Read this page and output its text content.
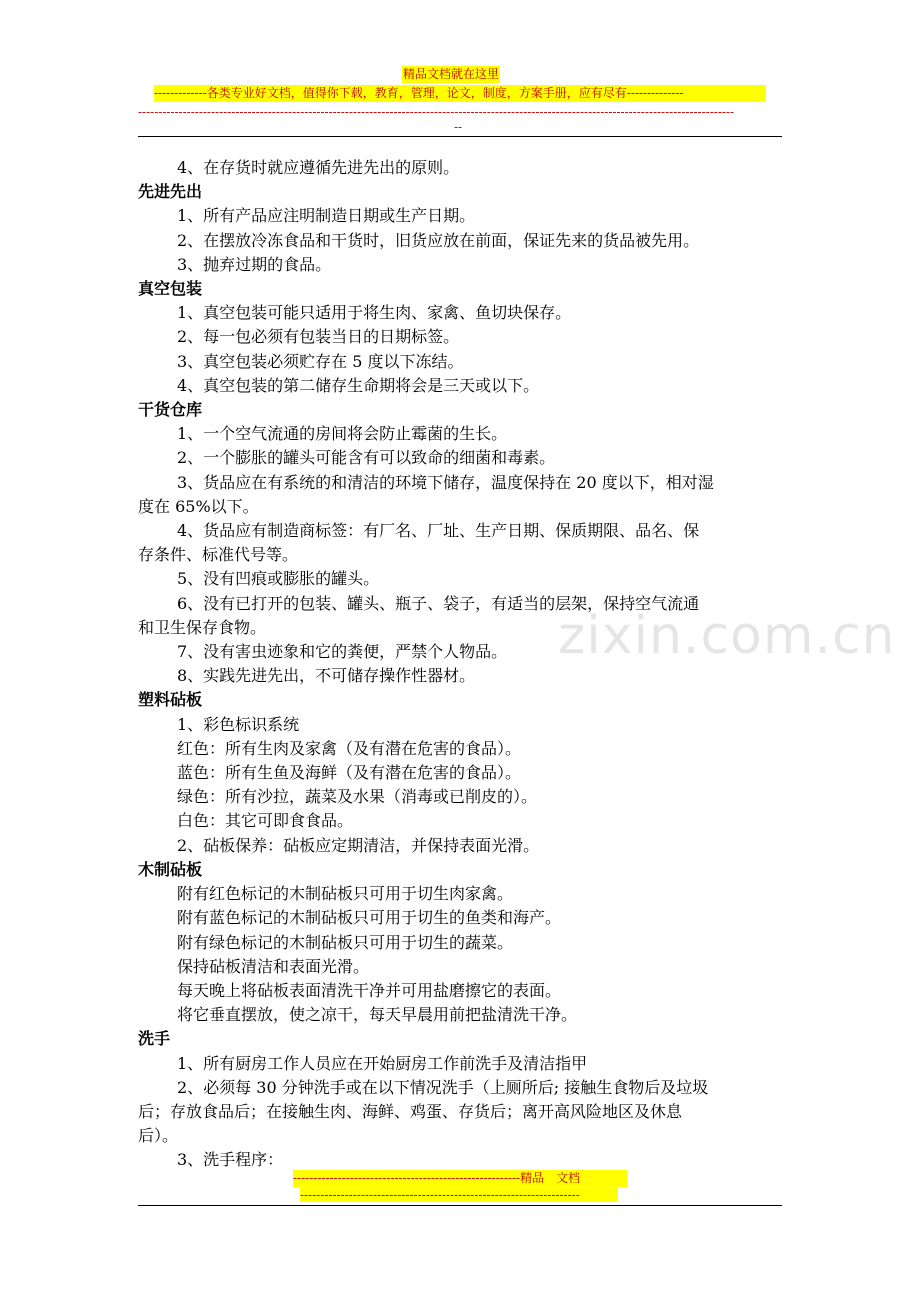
精品文档就在这里
-------------各类专业好文档，值得你下载，教育，管理，论文，制度，方案手册，应有尽有--------------
---------------------------------------------------------------------------------------------------------------------------------------------------
--

4、在存货时就应遵循先进先出的原则。

先进先出

1、所有产品应注明制造日期或生产日期。

2、在摆放冷冻食品和干货时，旧货应放在前面，保证先来的货品被先用。

3、抛弃过期的食品。

真空包装

1、真空包装可能只适用于将生肉、家禽、鱼切块保存。

2、每一包必须有包装当日的日期标签。

3、真空包装必须贮存在 5 度以下冻结。

4、真空包装的第二储存生命期将会是三天或以下。

干货仓库

1、一个空气流通的房间将会防止霉菌的生长。

2、一个膨胀的罐头可能含有可以致命的细菌和毒素。

3、货品应在有系统的和清洁的环境下储存，温度保持在 20 度以下，相对湿

度在 65%以下。

4、货品应有制造商标签：有厂名、厂址、生产日期、保质期限、品名、保

存条件、标准代号等。

5、没有凹痕或膨胀的罐头。

6、没有已打开的包装、罐头、瓶子、袋子，有适当的层架，保持空气流通

和卫生保存食物。

7、没有害虫迹象和它的粪便，严禁个人物品。

8、实践先进先出，不可储存操作性器材。

塑料砧板

1、彩色标识系统

红色：所有生肉及家禽（及有潜在危害的食品）。

蓝色：所有生鱼及海鲜（及有潜在危害的食品）。

绿色：所有沙拉，蔬菜及水果（消毒或已削皮的）。

白色：其它可即食食品。

2、砧板保养：砧板应定期清洁，并保持表面光滑。

木制砧板

附有红色标记的木制砧板只可用于切生肉家禽。

附有蓝色标记的木制砧板只可用于切生的鱼类和海产。

附有绿色标记的木制砧板只可用于切生的蔬菜。

保持砧板清洁和表面光滑。

每天晚上将砧板表面清洗干净并可用盐磨擦它的表面。

将它垂直摆放，使之凉干，每天早晨用前把盐清洗干净。

洗手

1、所有厨房工作人员应在开始厨房工作前洗手及清洁指甲

2、必须每 30 分钟洗手或在以下情况洗手（上厕所后; 接触生食物后及垃圾

后；存放食品后；在接触生肉、海鲜、鸡蛋、存货后；离开高风险地区及休息

后）。

3、洗手程序：

zixin.com.cn
--------------------------------------------------------精品　文档
---------------------------------------------------------------------
